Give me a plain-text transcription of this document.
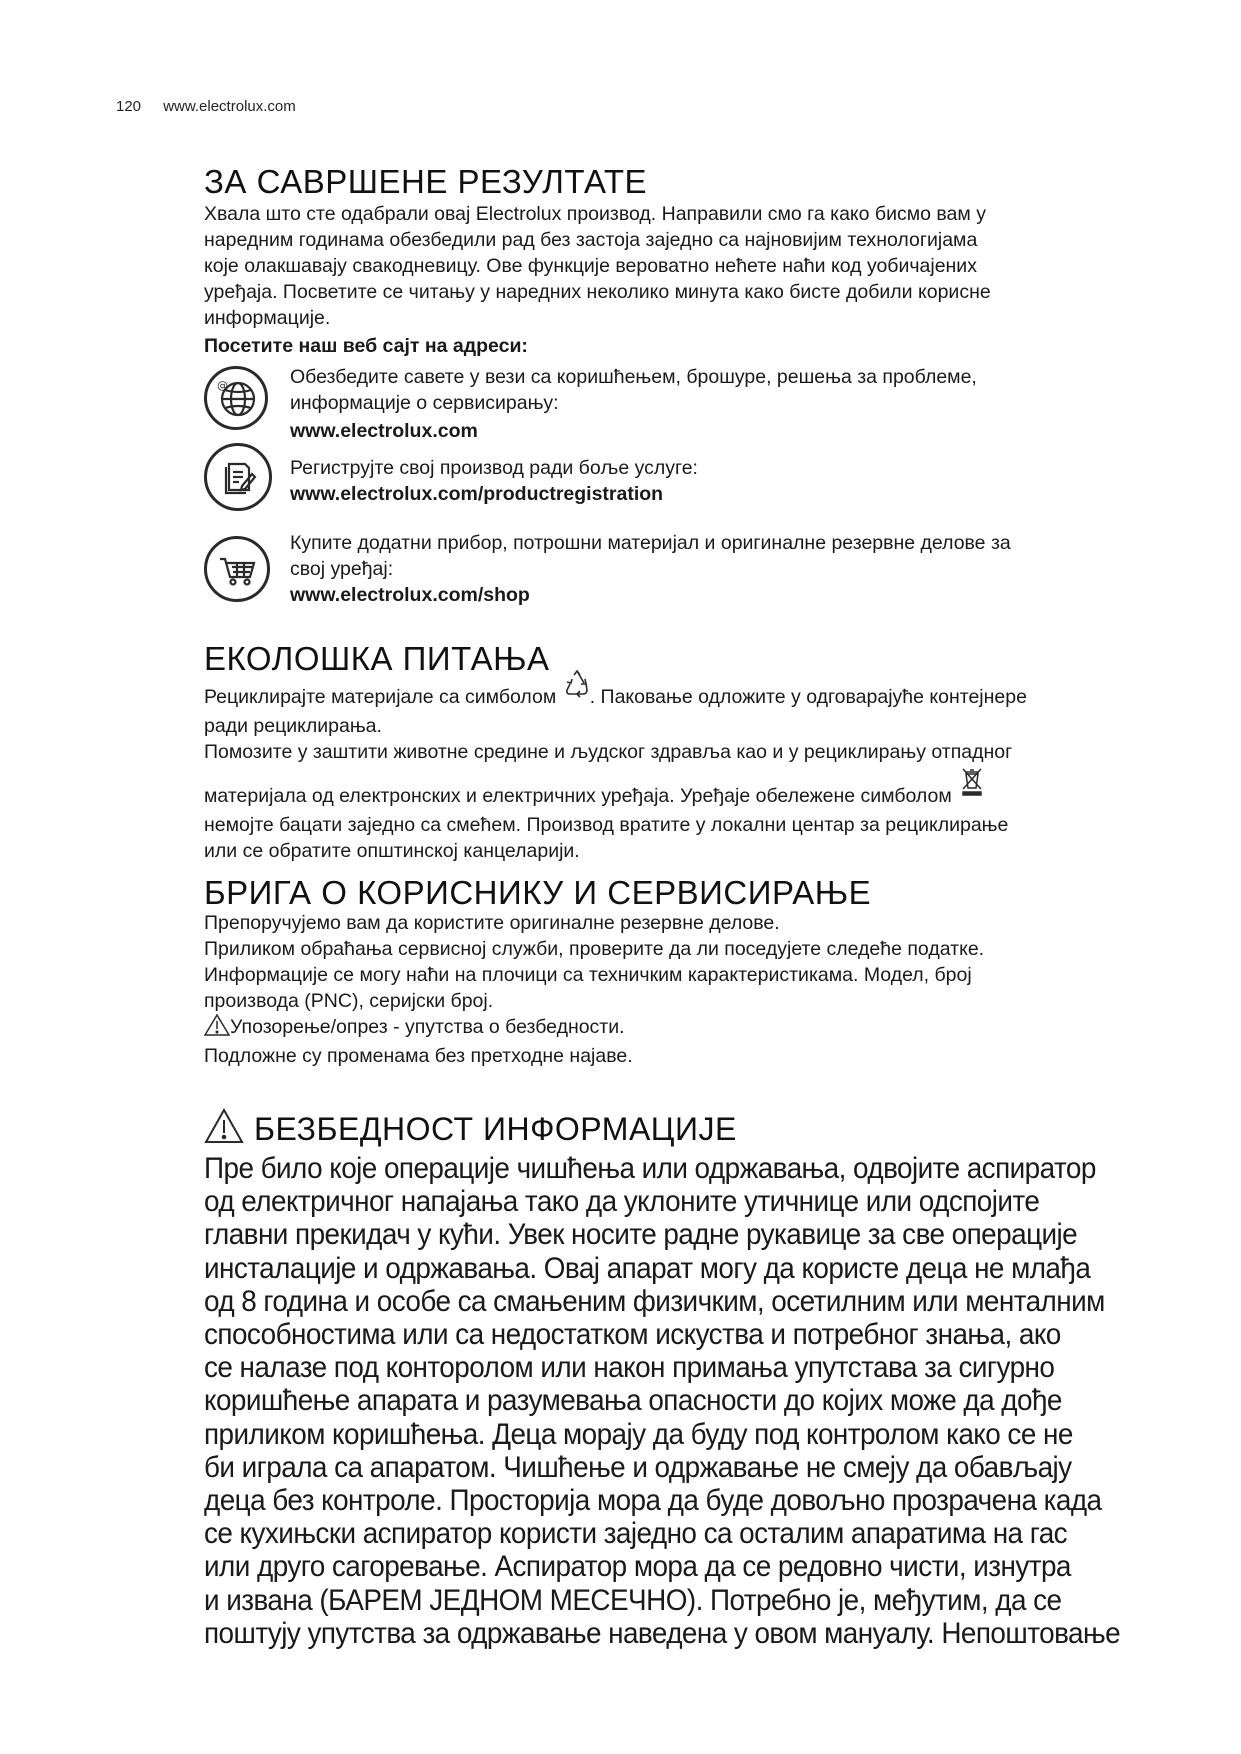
120 www.electrolux.com
ЗА САВРШЕНЕ РЕЗУЛТАТЕ

Хвала што сте одабрали овај Electrolux производ. Направили смо га како бисмо вам у

наредним годинама обезбедили рад без застоја заједно са најновијим технологијама

које олакшавају свакодневицу. Ове функције вероватно нећете наћи код уобичајених

уређаја. Посветите се читању у наредних неколико минута како бисте добили корисне

информације.

Посетите наш веб сајт на адреси:

@	Обезбедите савете у вези са коришћењем, брошуре, решења за проблеме,

информације о сервисирању:

www.electrolux.com

Региструјте свој производ ради боље услуге:

www.electrolux.com/productregistration

Купите додатни прибор, потрошни материјал и оригиналне резервне делове за

свој уређај:

www.electrolux.com/shop

ЕКОЛОШКА ПИТАЊА

Рециклирајте материјале са симболом . Паковање одложите у одговарајуће контејнере

ради рециклирања.

Помозите у заштити животне средине и људског здравља као и у рециклирању отпадног

материјала од електронских и електричних уређаја. Уређаје обележене симболом

немојте бацати заједно са смећем. Производ вратите у локални центар за рециклирање

или се обратите општинској канцеларији.

БРИГА О КОРИСНИКУ И СЕРВИСИРАЊЕ

Препоручујемо вам да користите оригиналне резервне делове.

Приликом обраћања сервисној служби, проверите да ли поседујете следеће податке.

Информације се могу наћи на плочици са техничким карактеристикама. Модел, број

производа (PNC), серијски број.

Упозорење/опрез - упутства о безбедности.

Подложне су променама без претходне најаве.

БЕЗБЕДНОСТ ИНФОРМАЦИЈЕ
Пре било које операције чишћења или одржавања, одвојите аспиратор
од електричног напајања тако да уклоните утичнице или одспојите
главни прекидач у кући. Увек носите радне рукавице за све операције
инсталације и одржавања. Овај апарат могу да користе деца не млађа
од 8 година и особе са смањеним физичким, осетилним или менталним
способностима или са недостатком искуства и потребног знања, ако
се налазе под конторолом или након примања упутстава за сигурно
коришћење апарата и разумевања опасности до којих може да дође
приликом коришћења. Деца морају да буду под контролом како се не
би играла са апаратом. Чишћење и одржавање не смеју да обављају
деца без контроле. Просторија мора да буде довољно прозрачена када
се кухињски аспиратор користи заједно са осталим апаратима на гас
или друго сагоревање. Аспиратор мора да се редовно чисти, изнутра
и извана (БАРЕМ ЈЕДНОМ МЕСЕЧНО). Потребно је, међутим, да се
поштују упутства за одржавање наведена у овом мануалу. Непоштовање
